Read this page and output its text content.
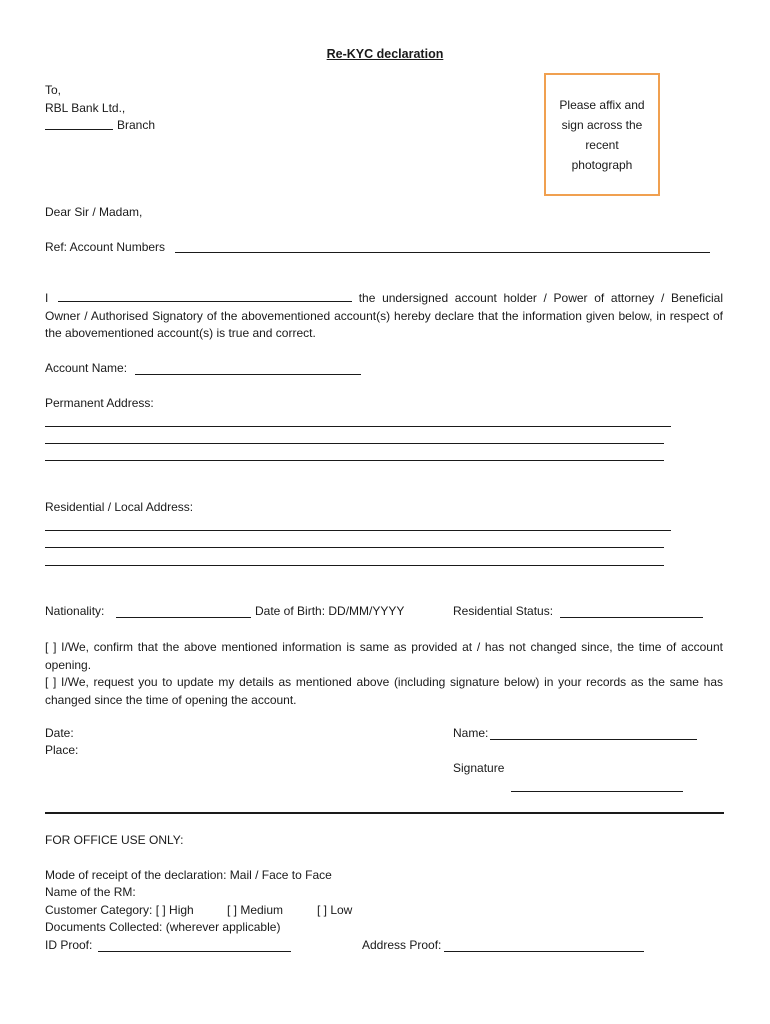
Re-KYC declaration
To,
RBL Bank Ltd.,
Branch
Please affix and
sign across the
recent
photograph
Dear Sir / Madam,
Ref: Account Numbers
I	the undersigned account holder / Power of attorney / Beneficial Owner / Authorised Signatory of the abovementioned account(s) hereby declare that the information given below, in respect of the abovementioned account(s) is true and correct.
Account Name:
Permanent Address:
Residential / Local Address:
Nationality:	Date of Birth: DD/MM/YYYY	Residential Status:
[ ] I/We, confirm that the above mentioned information is same as provided at / has not changed since, the time of account opening.
[ ] I/We, request you to update my details as mentioned above (including signature below) in your records as the same has changed since the time of opening the account.
Date:
Place:
Name:
Signature
FOR OFFICE USE ONLY:
Mode of receipt of the declaration: Mail / Face to Face
Name of the RM:
Customer Category: [ ] High	[ ] Medium	[ ] Low
Documents Collected: (wherever applicable)
ID Proof:	Address Proof:
